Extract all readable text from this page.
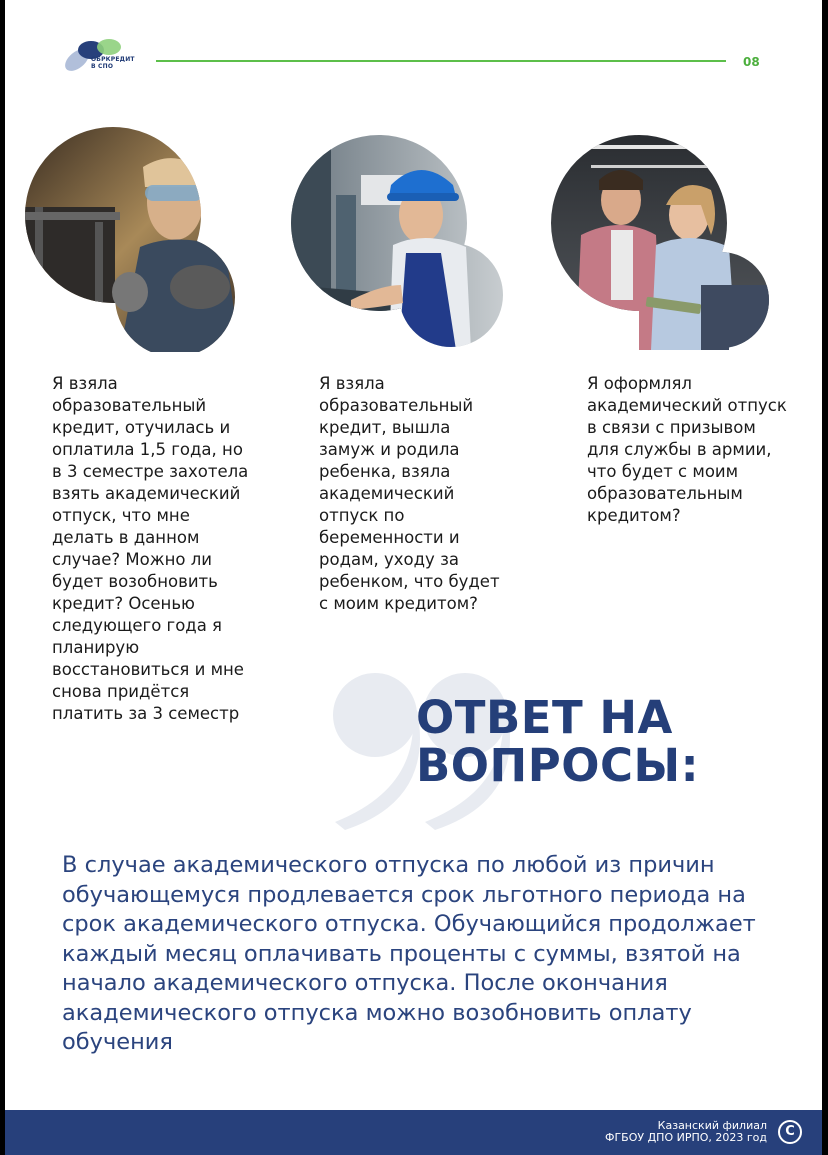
ОБРКРЕДИТ
В СПО	08

Я взяла образовательный кредит, отучилась и оплатила 1,5 года, но в 3 семестре захотела взять академический отпуск, что мне делать в данном случае? Можно ли будет возобновить кредит? Осенью следующего года я планирую восстановиться и мне снова придётся платить за 3 семестр

Я взяла образовательный кредит, вышла замуж и родила ребенка, взяла академический отпуск по беременности и родам, уходу за ребенком, что будет с моим кредитом?

Я оформлял академический отпуск в связи с призывом для службы в армии, что будет с моим образовательным кредитом?

ОТВЕТ НА
ВОПРОСЫ:

В случае академического отпуска по любой из причин обучающемуся продлевается срок льготного периода на срок академического отпуска. Обучающийся продолжает каждый месяц оплачивать проценты с суммы, взятой на начало академического отпуска. После окончания академического отпуска можно возобновить оплату обучения

Казанский филиал
ФГБОУ ДПО ИРПО, 2023 год	C
